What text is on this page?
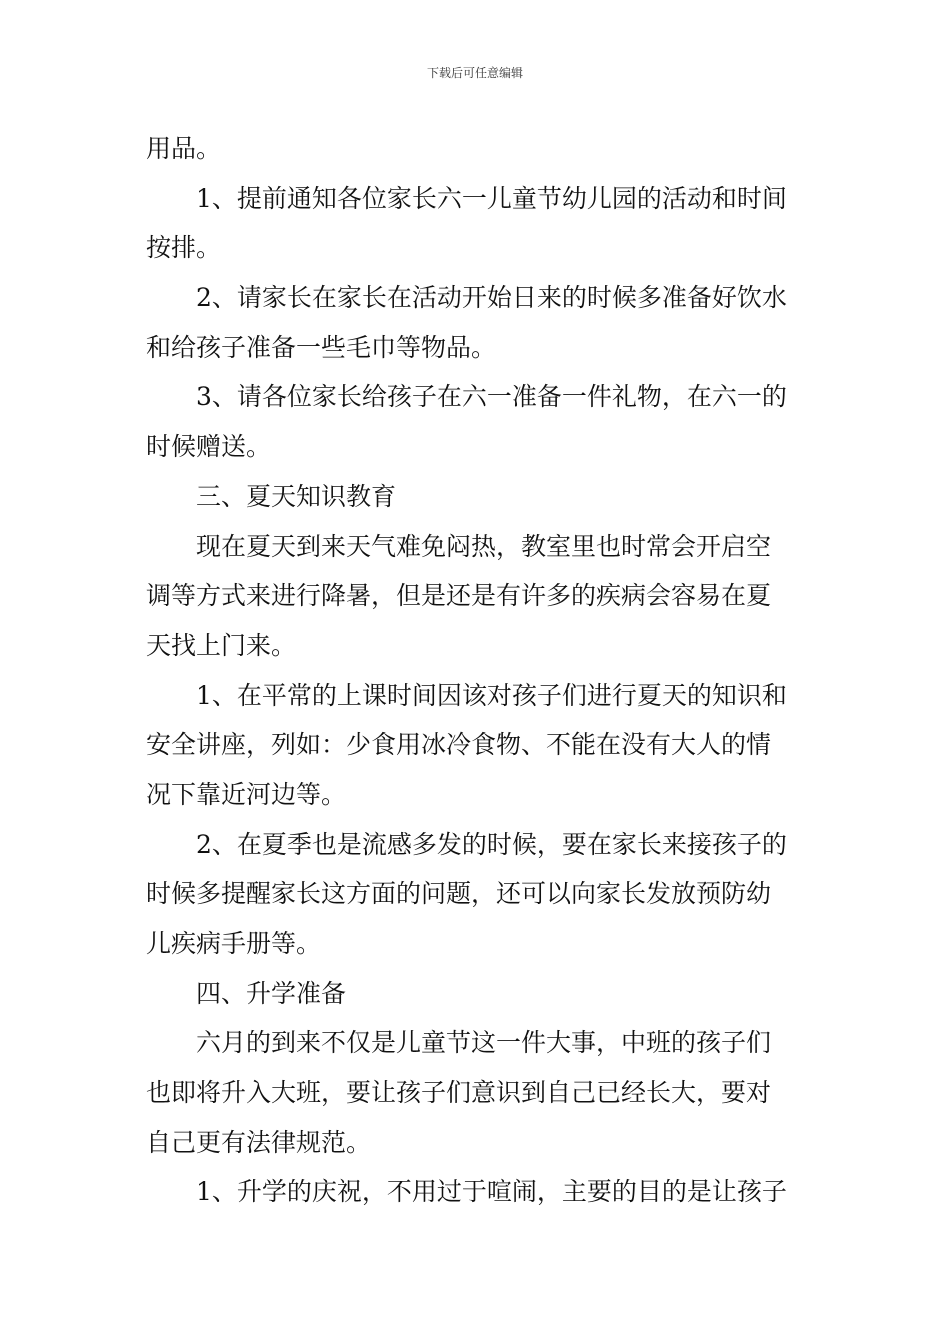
下载后可任意编辑
用品。
1、提前通知各位家长六一儿童节幼儿园的活动和时间
按排。
2、请家长在家长在活动开始日来的时候多准备好饮水
和给孩子准备一些毛巾等物品。
3、请各位家长给孩子在六一准备一件礼物，在六一的
时候赠送。
三、夏天知识教育
现在夏天到来天气难免闷热，教室里也时常会开启空
调等方式来进行降暑，但是还是有许多的疾病会容易在夏
天找上门来。
1、在平常的上课时间因该对孩子们进行夏天的知识和
安全讲座，列如：少食用冰冷食物、不能在没有大人的情
况下靠近河边等。
2、在夏季也是流感多发的时候，要在家长来接孩子的
时候多提醒家长这方面的问题，还可以向家长发放预防幼
儿疾病手册等。
四、升学准备
六月的到来不仅是儿童节这一件大事，中班的孩子们
也即将升入大班，要让孩子们意识到自己已经长大，要对
自己更有法律规范。
1、升学的庆祝，不用过于喧闹，主要的目的是让孩子
